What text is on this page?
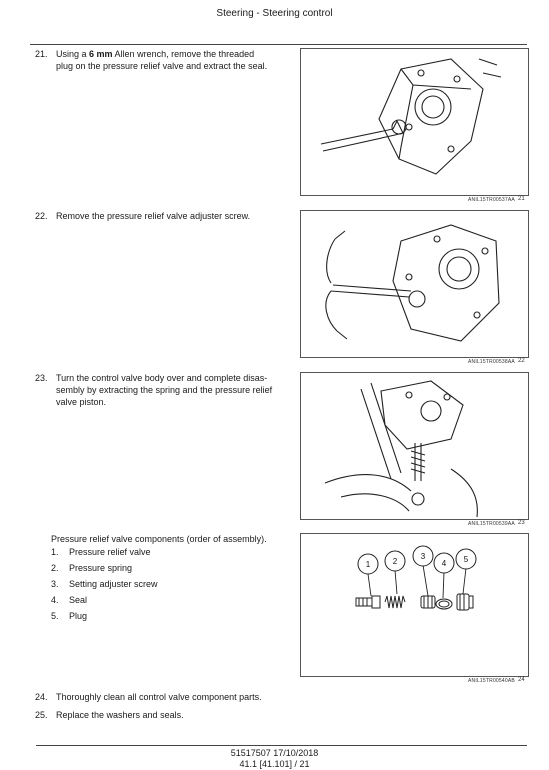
Steering - Steering control
21. Using a 6 mm Allen wrench, remove the threaded
plug on the pressure relief valve and extract the seal.
ANIL15TR00537AA 21
22. Remove the pressure relief valve adjuster screw.
ANIL15TR00538AA 22
23. Turn the control valve body over and complete disas-
sembly by extracting the spring and the pressure relief
valve piston.
ANIL15TR00539AA 23
Pressure relief valve components (order of assembly).
1. Pressure relief valve
2. Pressure spring
3. Setting adjuster screw
4. Seal
5. Plug
1	2
3
4 5
ANIL15TR00540AB 24
24. Thoroughly clean all control valve component parts.
25. Replace the washers and seals.
51517507 17/10/2018
41.1 [41.101] / 21
